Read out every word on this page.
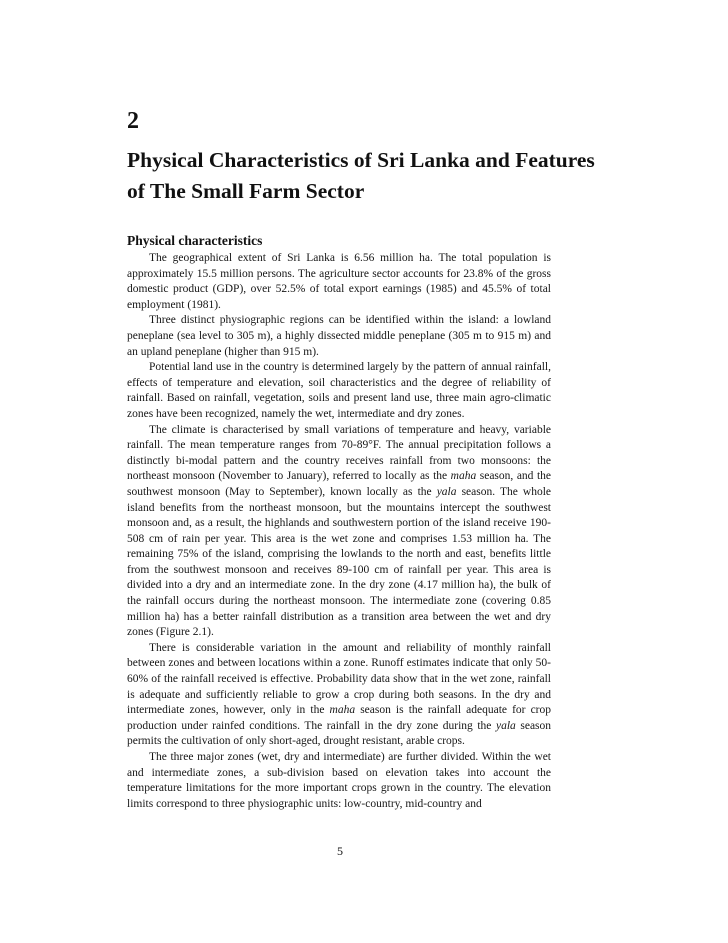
2
Physical Characteristics of Sri Lanka and Features of The Small Farm Sector
Physical characteristics

The geographical extent of Sri Lanka is 6.56 million ha. The total population is approximately 15.5 million persons. The agriculture sector accounts for 23.8% of the gross domestic product (GDP), over 52.5% of total export earnings (1985) and 45.5% of total employment (1981).

Three distinct physiographic regions can be identified within the island: a lowland peneplane (sea level to 305 m), a highly dissected middle peneplane (305 m to 915 m) and an upland peneplane (higher than 915 m).

Potential land use in the country is determined largely by the pattern of annual rainfall, effects of temperature and elevation, soil characteristics and the degree of reliability of rainfall. Based on rainfall, vegetation, soils and present land use, three main agro-climatic zones have been recognized, namely the wet, intermediate and dry zones.

The climate is characterised by small variations of temperature and heavy, variable rainfall. The mean temperature ranges from 70-89°F. The annual precipitation follows a distinctly bi-modal pattern and the country receives rainfall from two monsoons: the northeast monsoon (November to January), referred to locally as the maha season, and the southwest monsoon (May to September), known locally as the yala season. The whole island benefits from the northeast monsoon, but the mountains intercept the southwest monsoon and, as a result, the highlands and southwestern portion of the island receive 190-508 cm of rain per year. This area is the wet zone and comprises 1.53 million ha. The remaining 75% of the island, comprising the lowlands to the north and east, benefits little from the southwest monsoon and receives 89-100 cm of rainfall per year. This area is divided into a dry and an intermediate zone. In the dry zone (4.17 million ha), the bulk of the rainfall occurs during the northeast monsoon. The intermediate zone (covering 0.85 million ha) has a better rainfall distribution as a transition area between the wet and dry zones (Figure 2.1).

There is considerable variation in the amount and reliability of monthly rainfall between zones and between locations within a zone. Runoff estimates indicate that only 50-60% of the rainfall received is effective. Probability data show that in the wet zone, rainfall is adequate and sufficiently reliable to grow a crop during both seasons. In the dry and intermediate zones, however, only in the maha season is the rainfall adequate for crop production under rainfed conditions. The rainfall in the dry zone during the yala season permits the cultivation of only short-aged, drought resistant, arable crops.

The three major zones (wet, dry and intermediate) are further divided. Within the wet and intermediate zones, a sub-division based on elevation takes into account the temperature limitations for the more important crops grown in the country. The elevation limits correspond to three physiographic units: low-country, mid-country and

5
